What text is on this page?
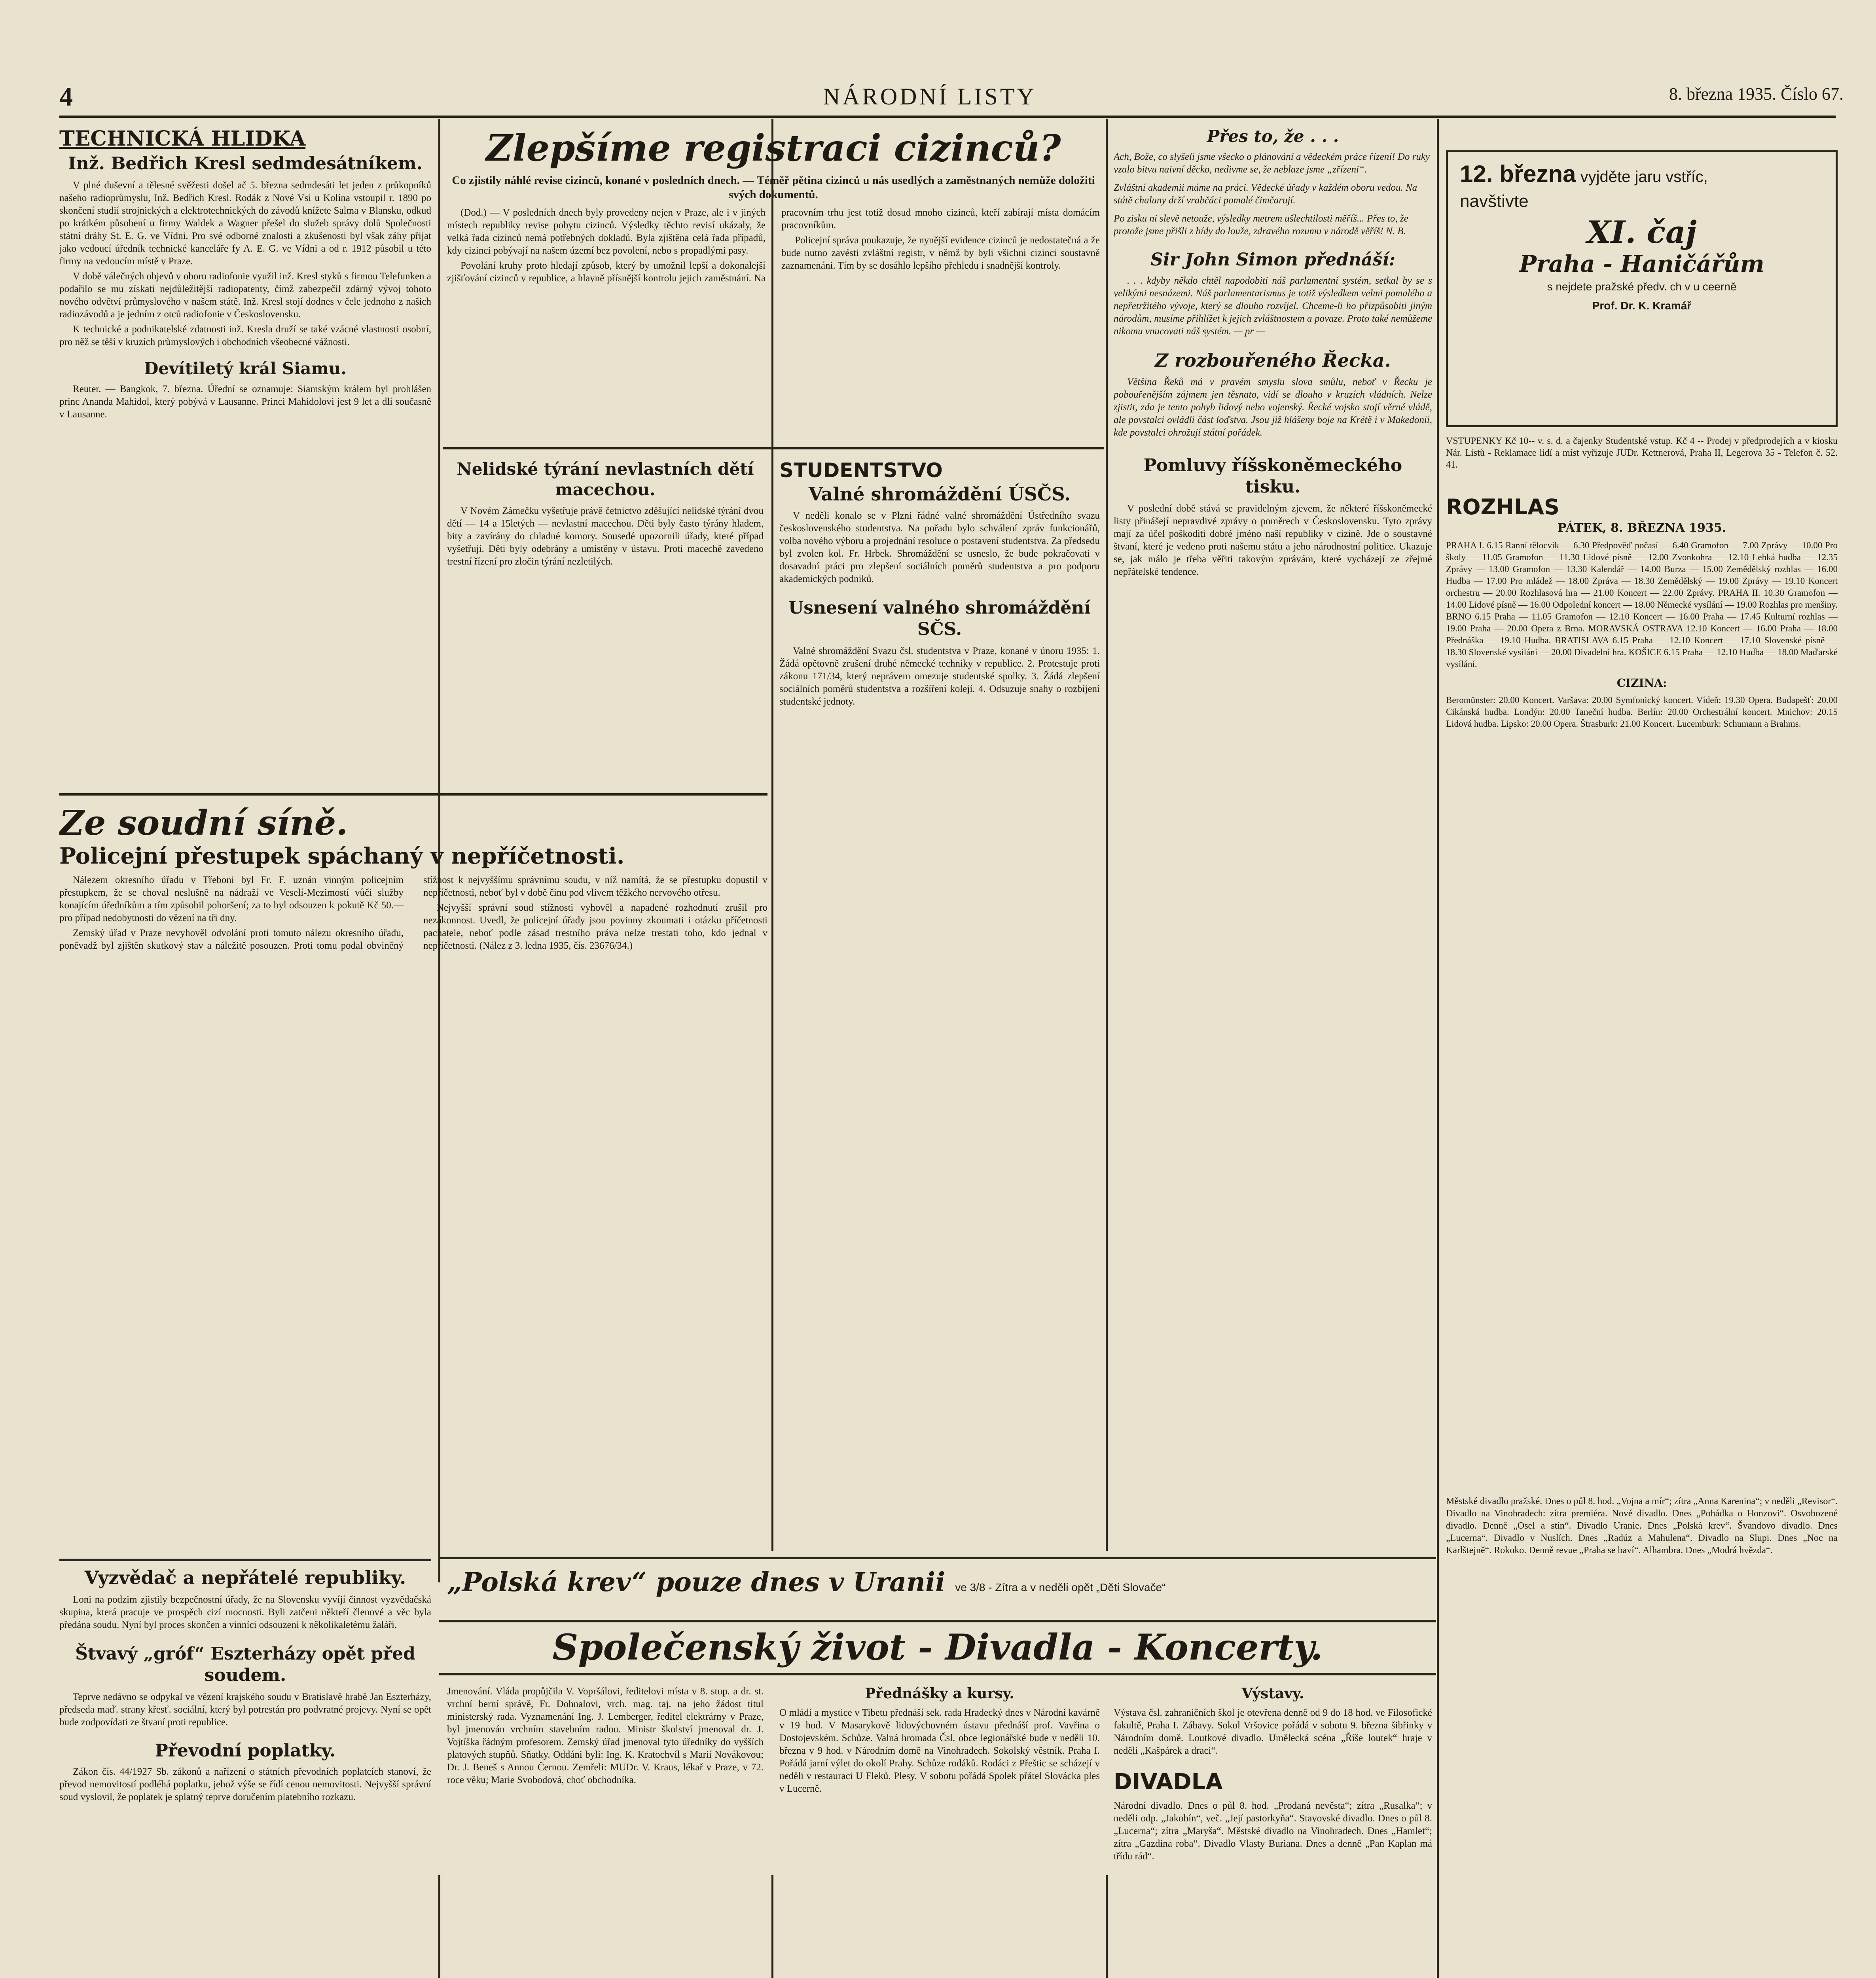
4	NÁRODNÍ LISTY	8. března 1935. Číslo 67.
TECHNICKÁ HLIDKA
Inž. Bedřich Kresl sedmdesátníkem.

V plné duševní a tělesné svěžesti došel ač 5. března sedmdesáti let jeden z průkopníků našeho radioprůmyslu, Inž. Bedřich Kresl. Rodák z Nové Vsi u Kolína vstoupil r. 1890 po skončení studií strojnických a elektrotechnických do závodů knížete Salma v Blansku, odkud po krátkém působení u firmy Waldek a Wagner přešel do služeb správy dolů Společnosti státní dráhy St. E. G. ve Vídni. Pro své odborné znalosti a zkušenosti byl však záhy přijat jako vedoucí úředník technické kanceláře fy A. E. G. ve Vídni a od r. 1912 působil u této firmy na vedoucím místě v Praze.

V době válečných objevů v oboru radiofonie využil inž. Kresl styků s firmou Telefunken a podařilo se mu získati nejdůležitější radiopatenty, čímž zabezpečil zdárný vývoj tohoto nového odvětví průmyslového v našem státě. Inž. Kresl stojí dodnes v čele jednoho z našich radiozávodů a je jedním z otců radiofonie v Československu.

K technické a podnikatelské zdatnosti inž. Kresla druží se také vzácné vlastnosti osobní, pro něž se těší v kruzích průmyslových i obchodních všeobecné vážnosti.

Devítiletý král Siamu.

Reuter. — Bangkok, 7. března. Úřední se oznamuje: Siamským králem byl prohlášen princ Ananda Mahidol, který pobývá v Lausanne. Princi Mahidolovi jest 9 let a dlí současně v Lausanne.

Zlepšíme registraci cizinců?
Co zjistily náhlé revise cizinců, konané v posledních dnech. — Téměř pětina cizinců u nás usedlých a zaměstnaných nemůže doložiti svých dokumentů.

(Dod.) — V posledních dnech byly provedeny nejen v Praze, ale i v jiných místech republiky revise pobytu cizinců. Výsledky těchto revisí ukázaly, že velká řada cizinců nemá potřebných dokladů. Byla zjištěna celá řada případů, kdy cizinci pobývají na našem území bez povolení, nebo s propadlými pasy.

Povolání kruhy proto hledají způsob, který by umožnil lepší a dokonalejší zjišťování cizinců v republice, a hlavně přísnější kontrolu jejich zaměstnání. Na pracovním trhu jest totiž dosud mnoho cizinců, kteří zabírají místa domácím pracovníkům.

Policejní správa poukazuje, že nynější evidence cizinců je nedostatečná a že bude nutno zavésti zvláštní registr, v němž by byli všichni cizinci soustavně zaznamenáni. Tím by se dosáhlo lepšího přehledu i snadnější kontroly.

Nelidské týrání nevlastních dětí macechou.

V Novém Zámečku vyšetřuje právě četnictvo zděšující nelidské týrání dvou dětí — 14 a 15letých — nevlastní macechou. Děti byly často týrány hladem, bity a zavírány do chladné komory. Sousedé upozornili úřady, které případ vyšetřují. Děti byly odebrány a umístěny v ústavu. Proti macechě zavedeno trestní řízení pro zločin týrání nezletilých.

STUDENTSTVO
Valné shromáždění ÚSČS.

V neděli konalo se v Plzni řádné valné shromáždění Ústředního svazu československého studentstva. Na pořadu bylo schválení zpráv funkcionářů, volba nového výboru a projednání resoluce o postavení studentstva. Za předsedu byl zvolen kol. Fr. Hrbek. Shromáždění se usneslo, že bude pokračovati v dosavadní práci pro zlepšení sociálních poměrů studentstva a pro podporu akademických podniků.

Usnesení valného shromáždění SČS.

Valné shromáždění Svazu čsl. studentstva v Praze, konané v únoru 1935: 1. Žádá opětovně zrušení druhé německé techniky v republice. 2. Protestuje proti zákonu 171/34, který neprávem omezuje studentské spolky. 3. Žádá zlepšení sociálních poměrů studentstva a rozšíření kolejí. 4. Odsuzuje snahy o rozbíjení studentské jednoty.

Přes to, že . . .

Ach, Bože, co slyšeli jsme všecko o plánování a vědeckém práce řízení! Do ruky vzalo bitvu naivní děcko, nedivme se, že neblaze jsme „zřízeni“.

Zvláštní akademii máme na práci. Vědecké úřady v každém oboru vedou. Na státě chaluny drží vrabčáci pomalé čimčarují.

Po zisku ni slevě netouže, výsledky metrem ušlechtilosti měříš... Přes to, že protože jsme přišli z bídy do louže, zdravého rozumu v národě věříš! N. B.

Sir John Simon přednáší:

. . . kdyby někdo chtěl napodobiti náš parlamentní systém, setkal by se s velikými nesnázemi. Náš parlamentarismus je totiž výsledkem velmi pomalého a nepřetržitého vývoje, který se dlouho rozvíjel. Chceme-li ho přizpůsobiti jiným národům, musíme přihlížet k jejich zvláštnostem a povaze. Proto také nemůžeme nikomu vnucovati náš systém. — pr —

Z rozbouřeného Řecka.

Většina Řeků má v pravém smyslu slova smůlu, neboť v Řecku je pobouřenějším zájmem jen těsnato, vidí se dlouho v kruzích vládních. Nelze zjistit, zda je tento pohyb lidový nebo vojenský. Řecké vojsko stojí věrné vládě, ale povstalci ovládli část loďstva. Jsou již hlášeny boje na Krétě i v Makedonii, kde povstalci ohrožují státní pořádek.

Pomluvy říšskoněmeckého tisku.

V poslední době stává se pravidelným zjevem, že některé říšskoněmecké listy přinášejí nepravdivé zprávy o poměrech v Československu. Tyto zprávy mají za účel poškoditi dobré jméno naší republiky v cizině. Jde o soustavné štvaní, které je vedeno proti našemu státu a jeho národnostní politice. Ukazuje se, jak málo je třeba věřiti takovým zprávám, které vycházejí ze zřejmé nepřátelské tendence.

12. března vyjděte jaru vstříc,
navštivte
XI. čaj
Praha - Haničářům
s nejdete pražské předv. ch v u ceerně
Prof. Dr. K. Kramář
VSTUPENKY Kč 10-- v. s. d. a čajenky Studentské vstup. Kč 4 -- Prodej v předprodejích a v kiosku Nár. Listů - Reklamace lidí a míst vyřizuje JUDr. Kettnerová, Praha II, Legerova 35 - Telefon č. 52. 41.
ROZHLAS
PÁTEK, 8. BŘEZNA 1935.
PRAHA I. 6.15 Ranní tělocvik — 6.30 Předpověď počasí — 6.40 Gramofon — 7.00 Zprávy — 10.00 Pro školy — 11.05 Gramofon — 11.30 Lidové písně — 12.00 Zvonkohra — 12.10 Lehká hudba — 12.35 Zprávy — 13.00 Gramofon — 13.30 Kalendář — 14.00 Burza — 15.00 Zemědělský rozhlas — 16.00 Hudba — 17.00 Pro mládež — 18.00 Zpráva — 18.30 Zemědělský — 19.00 Zprávy — 19.10 Koncert orchestru — 20.00 Rozhlasová hra — 21.00 Koncert — 22.00 Zprávy. PRAHA II. 10.30 Gramofon — 14.00 Lidové písně — 16.00 Odpolední koncert — 18.00 Německé vysílání — 19.00 Rozhlas pro menšiny. BRNO 6.15 Praha — 11.05 Gramofon — 12.10 Koncert — 16.00 Praha — 17.45 Kulturní rozhlas — 19.00 Praha — 20.00 Opera z Brna. MORAVSKÁ OSTRAVA 12.10 Koncert — 16.00 Praha — 18.00 Přednáška — 19.10 Hudba. BRATISLAVA 6.15 Praha — 12.10 Koncert — 17.10 Slovenské písně — 18.30 Slovenské vysílání — 20.00 Divadelní hra. KOŠICE 6.15 Praha — 12.10 Hudba — 18.00 Maďarské vysílání.
CIZINA:
Beromünster: 20.00 Koncert. Varšava: 20.00 Symfonický koncert. Vídeň: 19.30 Opera. Budapešť: 20.00 Cikánská hudba. Londýn: 20.00 Taneční hudba. Berlín: 20.00 Orchestrální koncert. Mnichov: 20.15 Lidová hudba. Lipsko: 20.00 Opera. Štrasburk: 21.00 Koncert. Lucemburk: Schumann a Brahms.
Ze soudní síně.
Policejní přestupek spáchaný v nepříčetnosti.

Nálezem okresního úřadu v Třeboni byl Fr. F. uznán vinným policejním přestupkem, že se choval neslušně na nádraží ve Veselí-Mezimostí vůči služby konajícím úředníkům a tím způsobil pohoršení; za to byl odsouzen k pokutě Kč 50.— pro případ nedobytnosti do vězení na tři dny.

Zemský úřad v Praze nevyhověl odvolání proti tomuto nálezu okresního úřadu, poněvadž byl zjištěn skutkový stav a náležitě posouzen. Proti tomu podal obviněný stížnost k nejvyššímu správnímu soudu, v níž namítá, že se přestupku dopustil v nepříčetnosti, neboť byl v době činu pod vlivem těžkého nervového otřesu.

Nejvyšší správní soud stížnosti vyhověl a napadené rozhodnutí zrušil pro nezákonnost. Uvedl, že policejní úřady jsou povinny zkoumati i otázku příčetnosti pachatele, neboť podle zásad trestního práva nelze trestati toho, kdo jednal v nepříčetnosti. (Nález z 3. ledna 1935, čís. 23676/34.)

Vyzvědač a nepřátelé republiky.

Loni na podzim zjistily bezpečnostní úřady, že na Slovensku vyvíjí činnost vyzvědačská skupina, která pracuje ve prospěch cizí mocnosti. Byli zatčeni někteří členové a věc byla předána soudu. Nyní byl proces skončen a vinníci odsouzeni k několikaletému žaláři.

Štvavý „gróf“ Eszterházy opět před soudem.

Teprve nedávno se odpykal ve vězení krajského soudu v Bratislavě hrabě Jan Eszterházy, předseda maď. strany křesť. sociální, který byl potrestán pro podvratné projevy. Nyní se opět bude zodpovídati ze štvaní proti republice.

Převodní poplatky.

Zákon čís. 44/1927 Sb. zákonů a nařízení o státních převodních poplatcích stanoví, že převod nemovitostí podléhá poplatku, jehož výše se řídí cenou nemovitosti. Nejvyšší správní soud vyslovil, že poplatek je splatný teprve doručením platebního rozkazu.

„Polská krev“ pouze dnes v Uranii ve 3/8 - Zítra a v neděli opět „Děti Slovače“
Společenský život - Divadla - Koncerty.
Jmenování. Vláda propůjčila V. Vopršálovi, ředitelovi místa v 8. stup. a dr. st. vrchní berní správě, Fr. Dohnalovi, vrch. mag. taj. na jeho žádost titul ministerský rada. Vyznamenání Ing. J. Lemberger, ředitel elektrárny v Praze, byl jmenován vrchním stavebním radou. Ministr školství jmenoval dr. J. Vojtíška řádným profesorem. Zemský úřad jmenoval tyto úředníky do vyšších platových stupňů. Sňatky. Oddáni byli: Ing. K. Kratochvíl s Marií Novákovou; Dr. J. Beneš s Annou Černou. Zemřeli: MUDr. V. Kraus, lékař v Praze, v 72. roce věku; Marie Svobodová, choť obchodníka.
Přednášky a kursy.
O mládí a mystice v Tibetu přednáší sek. rada Hradecký dnes v Národní kavárně v 19 hod. V Masarykově lidovýchovném ústavu přednáší prof. Vavřina o Dostojevském. Schůze. Valná hromada Čsl. obce legionářské bude v neděli 10. března v 9 hod. v Národním domě na Vinohradech. Sokolský věstník. Praha I. Pořádá jarní výlet do okolí Prahy. Schůze rodáků. Rodáci z Přeštic se scházejí v neděli v restauraci U Fleků. Plesy. V sobotu pořádá Spolek přátel Slovácka ples v Lucerně.
Výstavy.
Výstava čsl. zahraničních škol je otevřena denně od 9 do 18 hod. ve Filosofické fakultě, Praha I. Zábavy. Sokol Vršovice pořádá v sobotu 9. března šibřinky v Národním domě. Loutkové divadlo. Umělecká scéna „Říše loutek“ hraje v neděli „Kašpárek a draci“.
DIVADLA
Národní divadlo. Dnes o půl 8. hod. „Prodaná nevěsta“; zítra „Rusalka“; v neděli odp. „Jakobín“, več. „Její pastorkyňa“. Stavovské divadlo. Dnes o půl 8. „Lucerna“; zítra „Maryša“. Městské divadlo na Vinohradech. Dnes „Hamlet“; zítra „Gazdina roba“. Divadlo Vlasty Buriana. Dnes a denně „Pan Kaplan má třídu rád“.
Městské divadlo pražské. Dnes o půl 8. hod. „Vojna a mír“; zítra „Anna Karenina“; v neděli „Revisor“. Divadlo na Vinohradech: zítra premiéra. Nové divadlo. Dnes „Pohádka o Honzovi“. Osvobozené divadlo. Denně „Osel a stín“. Divadlo Uranie. Dnes „Polská krev“. Švandovo divadlo. Dnes „Lucerna“. Divadlo v Nuslích. Dnes „Radúz a Mahulena“. Divadlo na Slupi. Dnes „Noc na Karlštejně“. Rokoko. Denně revue „Praha se baví“. Alhambra. Dnes „Modrá hvězda“.
